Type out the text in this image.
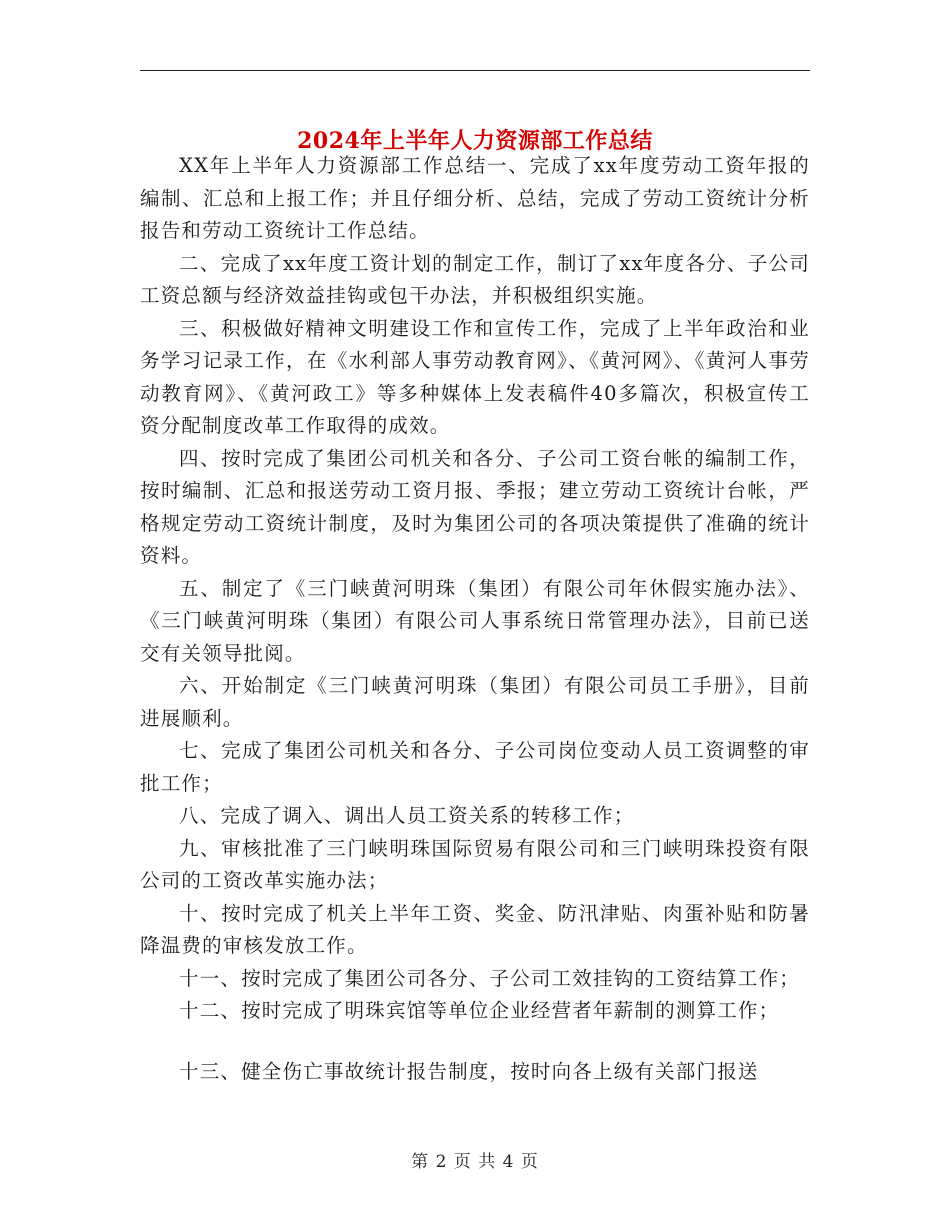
2024年上半年人力资源部工作总结

XX年上半年人力资源部工作总结一、完成了xx年度劳动工资年报的编制、汇总和上报工作；并且仔细分析、总结，完成了劳动工资统计分析报告和劳动工资统计工作总结。

二、完成了xx年度工资计划的制定工作，制订了xx年度各分、子公司工资总额与经济效益挂钩或包干办法，并积极组织实施。

三、积极做好精神文明建设工作和宣传工作，完成了上半年政治和业务学习记录工作，在《水利部人事劳动教育网》、《黄河网》、《黄河人事劳动教育网》、《黄河政工》等多种媒体上发表稿件40多篇次，积极宣传工资分配制度改革工作取得的成效。

四、按时完成了集团公司机关和各分、子公司工资台帐的编制工作，按时编制、汇总和报送劳动工资月报、季报；建立劳动工资统计台帐，严格规定劳动工资统计制度，及时为集团公司的各项决策提供了准确的统计资料。

五、制定了《三门峡黄河明珠（集团）有限公司年休假实施办法》、《三门峡黄河明珠（集团）有限公司人事系统日常管理办法》，目前已送交有关领导批阅。

六、开始制定《三门峡黄河明珠（集团）有限公司员工手册》，目前进展顺利。

七、完成了集团公司机关和各分、子公司岗位变动人员工资调整的审批工作；

八、完成了调入、调出人员工资关系的转移工作；

九、审核批准了三门峡明珠国际贸易有限公司和三门峡明珠投资有限公司的工资改革实施办法；

十、按时完成了机关上半年工资、奖金、防汛津贴、肉蛋补贴和防暑降温费的审核发放工作。

十一、按时完成了集团公司各分、子公司工效挂钩的工资结算工作；

十二、按时完成了明珠宾馆等单位企业经营者年薪制的测算工作；

十三、健全伤亡事故统计报告制度，按时向各上级有关部门报送

第 2 页 共 4 页
